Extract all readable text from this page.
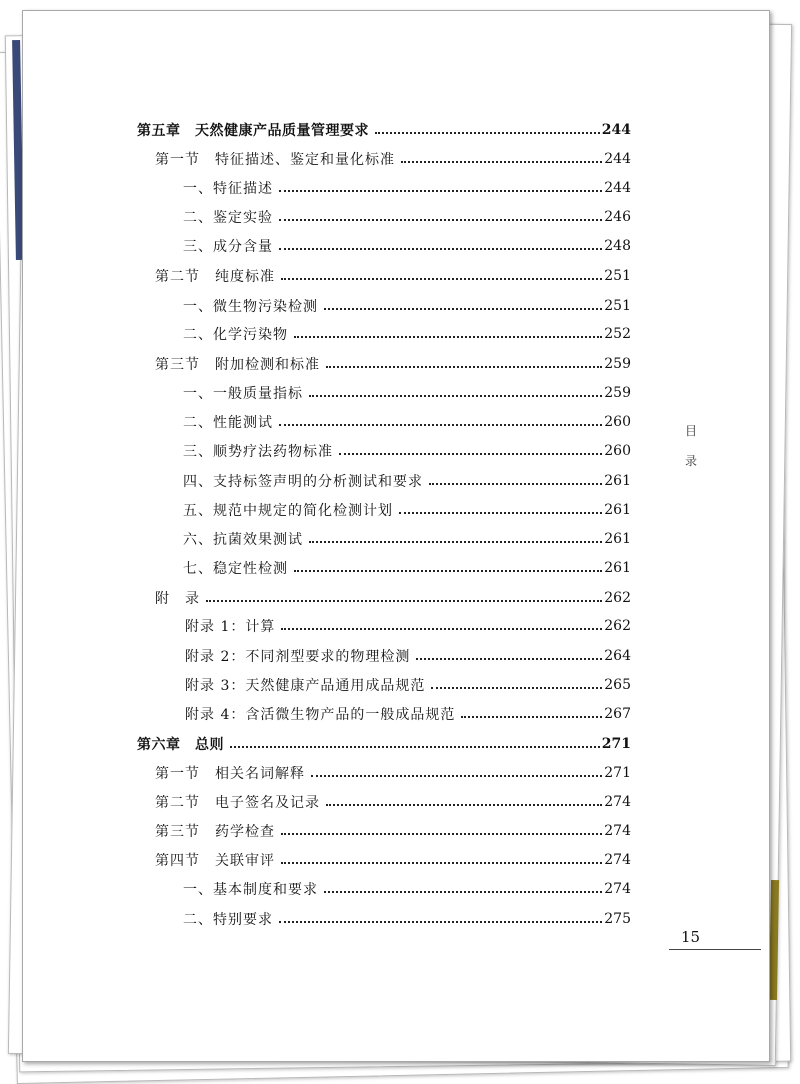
第五章　天然健康产品质量管理要求	244
第一节　特征描述、鉴定和量化标准	244
一、特征描述	244
二、鉴定实验	246
三、成分含量	248
第二节　纯度标准	251
一、微生物污染检测	251
二、化学污染物	252
第三节　附加检测和标准	259
一、一般质量指标	259
二、性能测试	260
三、顺势疗法药物标准	260
四、支持标签声明的分析测试和要求	261
五、规范中规定的简化检测计划	261
六、抗菌效果测试	261
七、稳定性检测	261
附　录	262
附录 1：计算	262
附录 2：不同剂型要求的物理检测	264
附录 3：天然健康产品通用成品规范	265
附录 4：含活微生物产品的一般成品规范	267
第六章　总则	271
第一节　相关名词解释	271
第二节　电子签名及记录	274
第三节　药学检查	274
第四节　关联审评	274
一、基本制度和要求	274
二、特别要求	275
目
录
15
